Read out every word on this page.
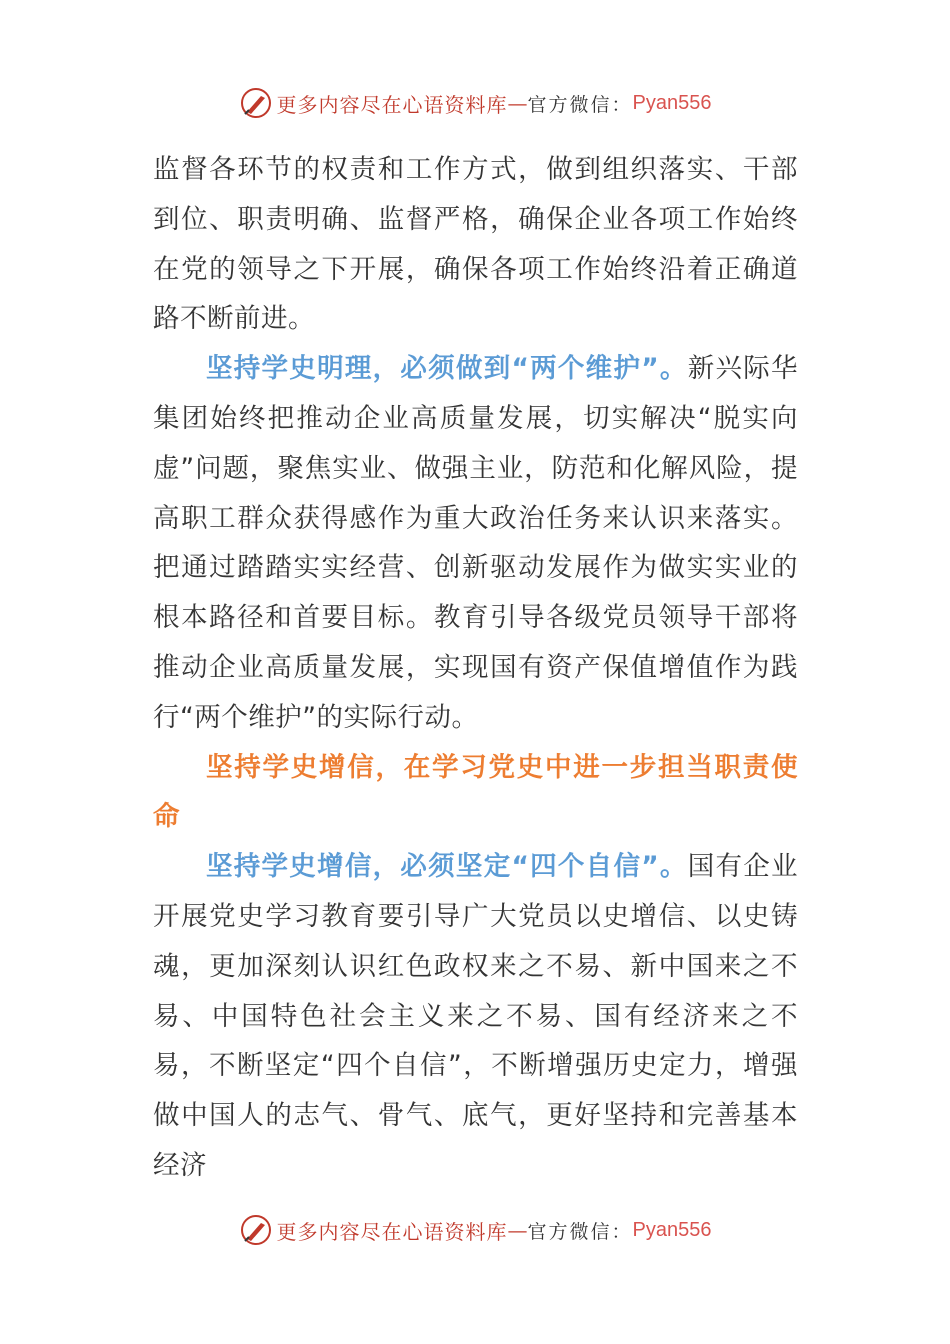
更多内容尽在心语资料库 — 官方微信： Pyan556

监督各环节的权责和工作方式，做到组织落实、干部到位、职责明确、监督严格，确保企业各项工作始终在党的领导之下开展，确保各项工作始终沿着正确道路不断前进。

坚持学史明理，必须做到“两个维护”。新兴际华集团始终把推动企业高质量发展，切实解决“脱实向虚”问题，聚焦实业、做强主业，防范和化解风险，提高职工群众获得感作为重大政治任务来认识来落实。把通过踏踏实实经营、创新驱动发展作为做实实业的根本路径和首要目标。教育引导各级党员领导干部将推动企业高质量发展，实现国有资产保值增值作为践行“两个维护”的实际行动。

坚持学史增信，在学习党史中进一步担当职责使命

坚持学史增信，必须坚定“四个自信”。国有企业开展党史学习教育要引导广大党员以史增信、以史铸魂，更加深刻认识红色政权来之不易、新中国来之不易、中国特色社会主义来之不易、国有经济来之不易，不断坚定“四个自信”，不断增强历史定力，增强做中国人的志气、骨气、底气，更好坚持和完善基本经济

更多内容尽在心语资料库 — 官方微信： Pyan556
